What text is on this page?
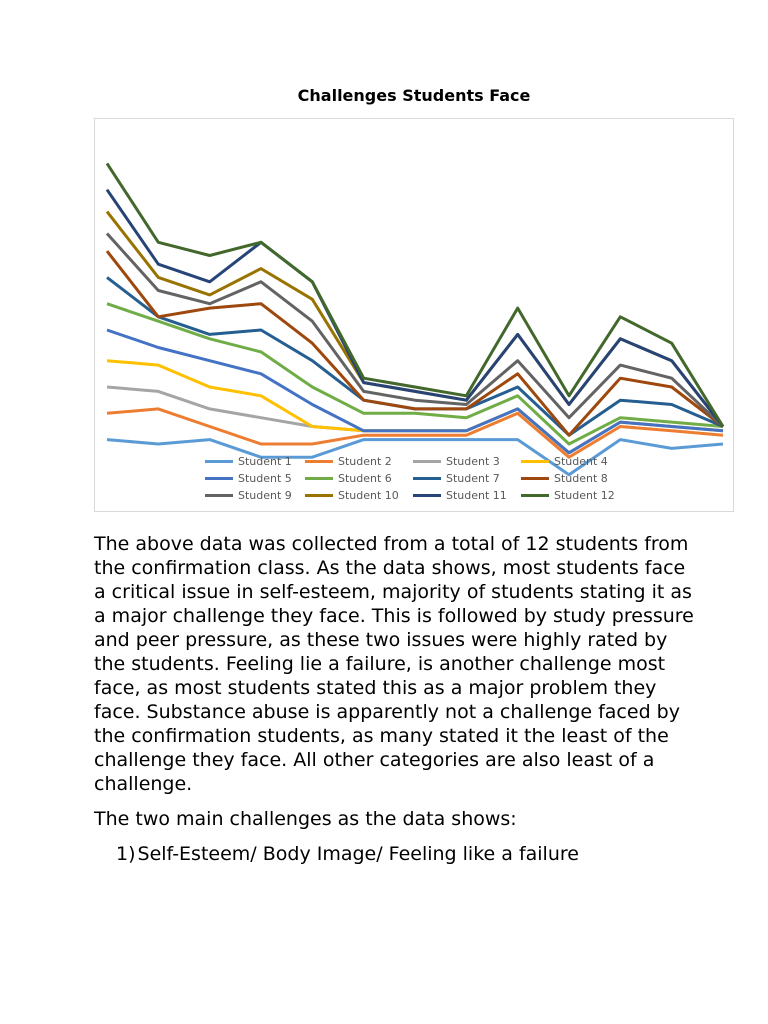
Challenges Students Face
Student 1	Student 2	Student 3	Student 4
Student 5	Student 6	Student 7	Student 8
Student 9	Student 10	Student 11	Student 12

The above data was collected from a total of 12 students from the confirmation class. As the data shows, most students face a critical issue in self-esteem, majority of students stating it as a major challenge they face. This is followed by study pressure and peer pressure, as these two issues were highly rated by the students. Feeling lie a failure, is another challenge most face, as most students stated this as a major problem they face. Substance abuse is apparently not a challenge faced by the confirmation students, as many stated it the least of the challenge they face. All other categories are also least of a challenge.

The two main challenges as the data shows:

1) Self-Esteem/ Body Image/ Feeling like a failure
